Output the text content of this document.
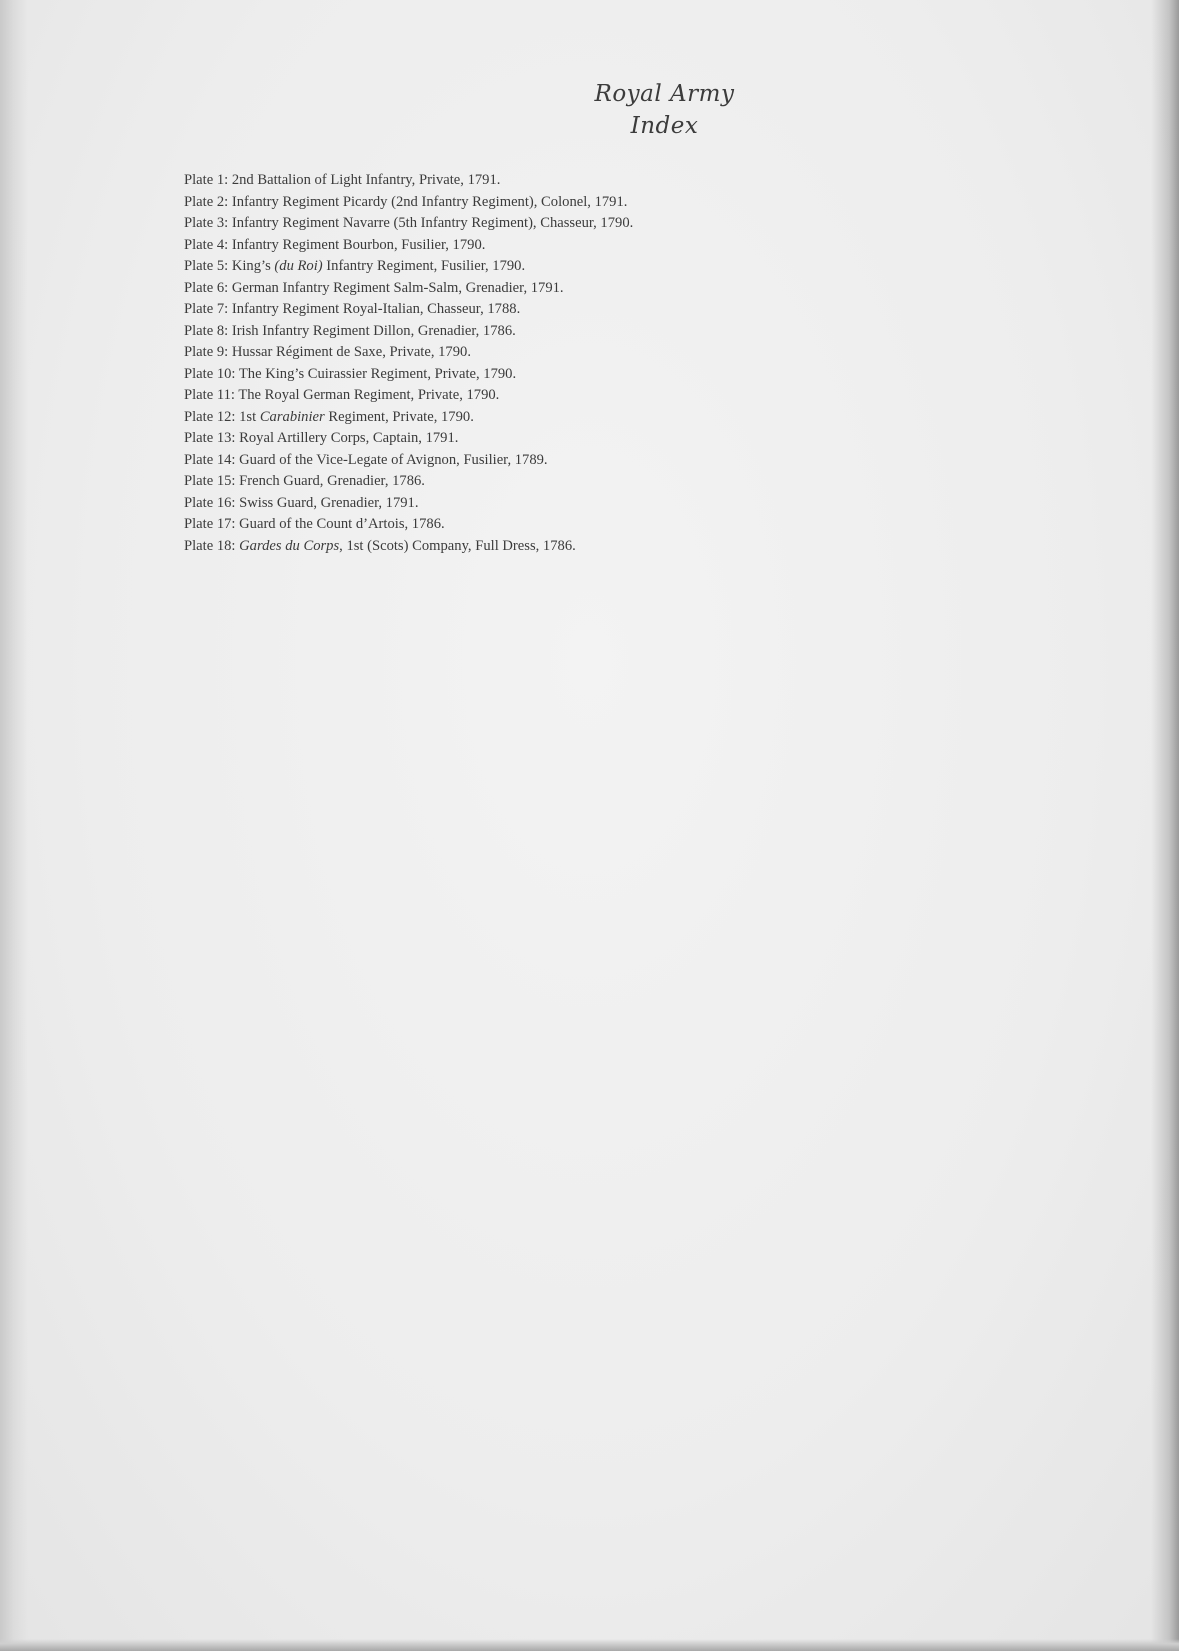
Royal Army
Index
Plate 1: 2nd Battalion of Light Infantry, Private, 1791.
Plate 2: Infantry Regiment Picardy (2nd Infantry Regiment), Colonel, 1791.
Plate 3: Infantry Regiment Navarre (5th Infantry Regiment), Chasseur, 1790.
Plate 4: Infantry Regiment Bourbon, Fusilier, 1790.
Plate 5: King’s (du Roi) Infantry Regiment, Fusilier, 1790.
Plate 6: German Infantry Regiment Salm-Salm, Grenadier, 1791.
Plate 7: Infantry Regiment Royal-Italian, Chasseur, 1788.
Plate 8: Irish Infantry Regiment Dillon, Grenadier, 1786.
Plate 9: Hussar Régiment de Saxe, Private, 1790.
Plate 10: The King’s Cuirassier Regiment, Private, 1790.
Plate 11: The Royal German Regiment, Private, 1790.
Plate 12: 1st Carabinier Regiment, Private, 1790.
Plate 13: Royal Artillery Corps, Captain, 1791.
Plate 14: Guard of the Vice-Legate of Avignon, Fusilier, 1789.
Plate 15: French Guard, Grenadier, 1786.
Plate 16: Swiss Guard, Grenadier, 1791.
Plate 17: Guard of the Count d’Artois, 1786.
Plate 18: Gardes du Corps, 1st (Scots) Company, Full Dress, 1786.
